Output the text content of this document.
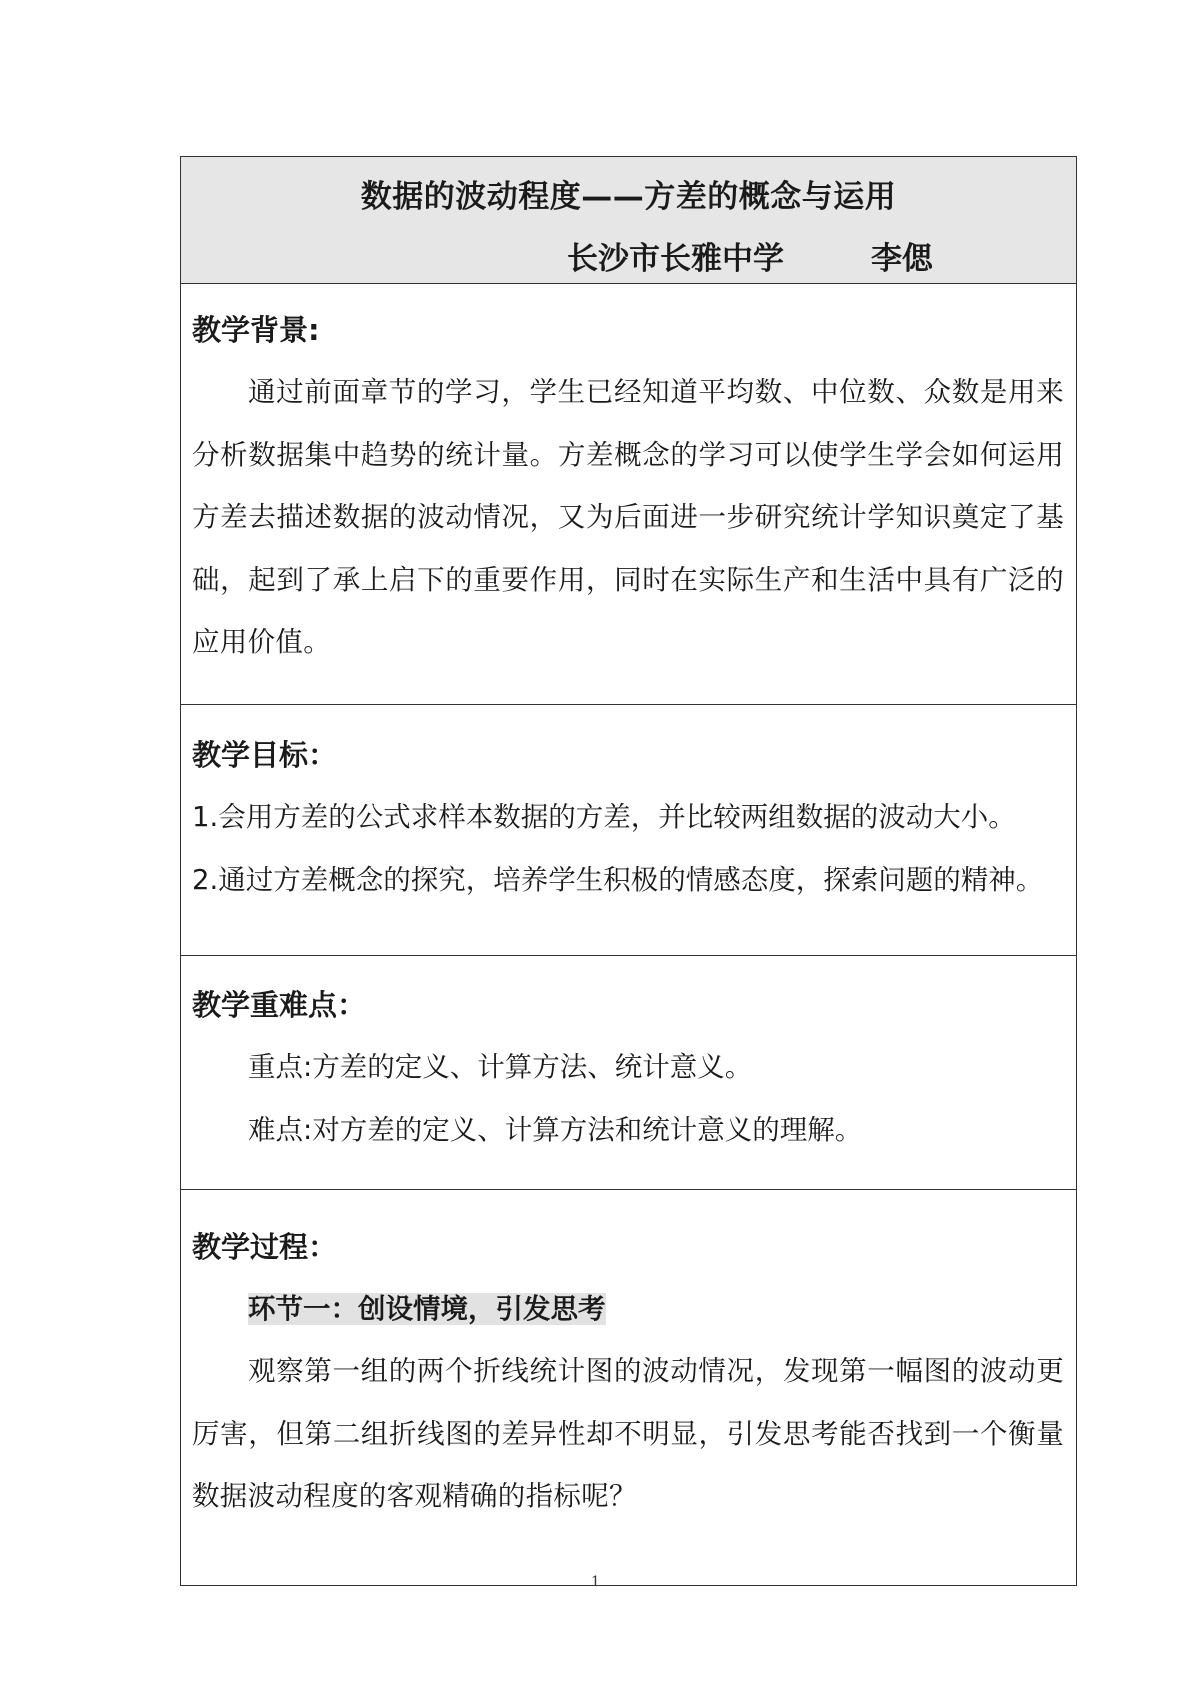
数据的波动程度——方差的概念与运用
长沙市长雅中学	李偲
教学背景:

通过前面章节的学习，学生已经知道平均数、中位数、众数是用来分析数据集中趋势的统计量。方差概念的学习可以使学生学会如何运用方差去描述数据的波动情况，又为后面进一步研究统计学知识奠定了基础，起到了承上启下的重要作用，同时在实际生产和生活中具有广泛的应用价值。

教学目标：

1.会用方差的公式求样本数据的方差，并比较两组数据的波动大小。

2.通过方差概念的探究，培养学生积极的情感态度，探索问题的精神。

教学重难点：

重点:方差的定义、计算方法、统计意义。

难点:对方差的定义、计算方法和统计意义的理解。

教学过程：

环节一：创设情境，引发思考

观察第一组的两个折线统计图的波动情况，发现第一幅图的波动更厉害，但第二组折线图的差异性却不明显，引发思考能否找到一个衡量数据波动程度的客观精确的指标呢？

1
